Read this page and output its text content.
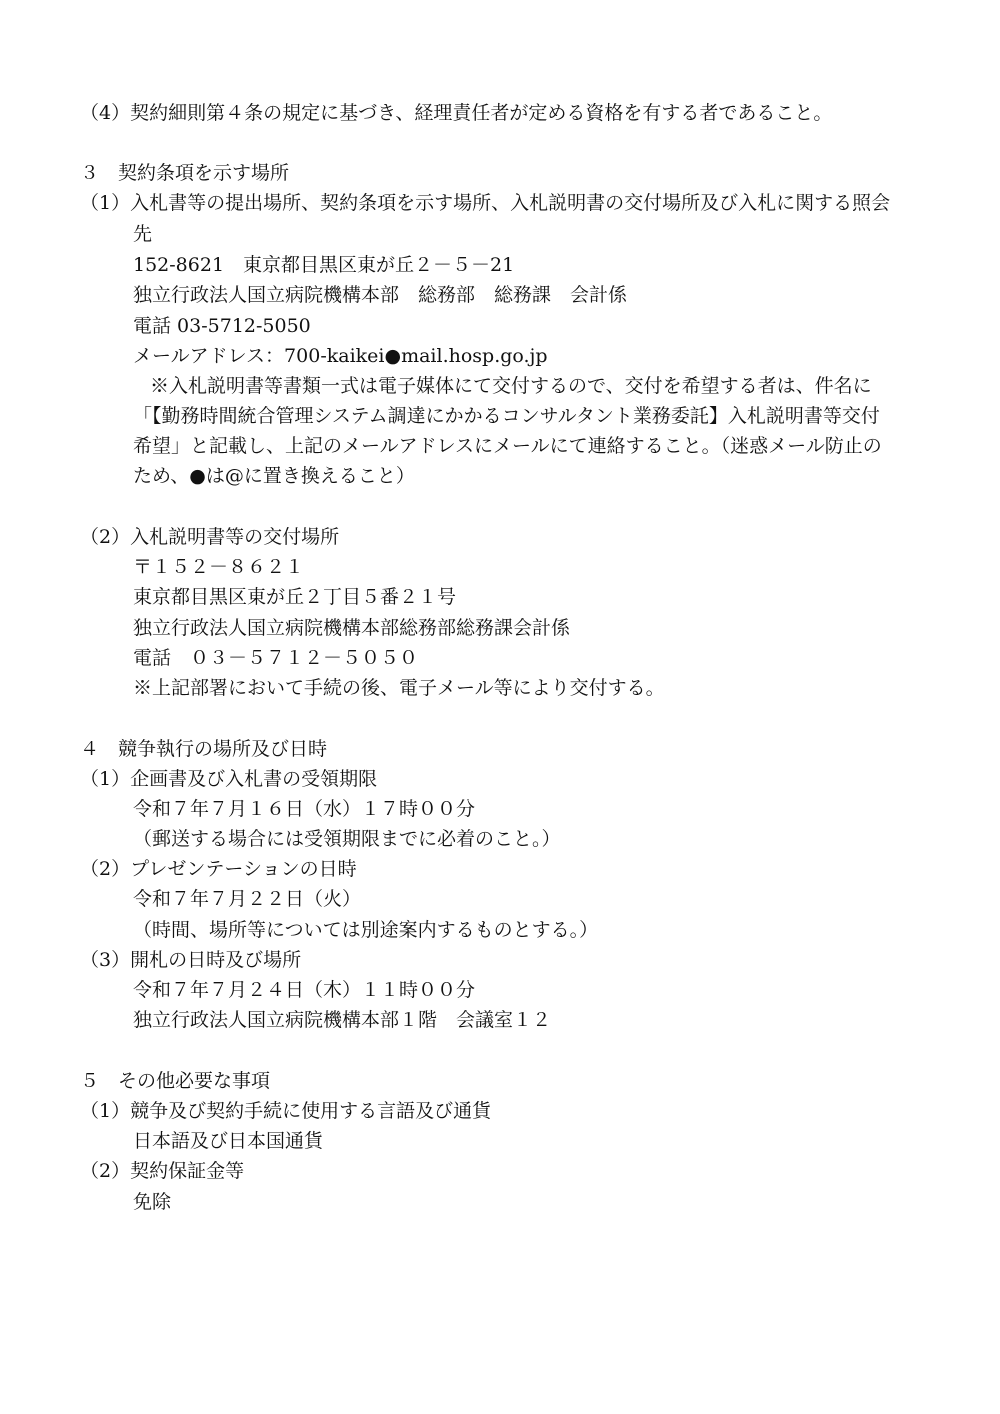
（4）契約細則第４条の規定に基づき、経理責任者が定める資格を有する者であること。
３　契約条項を示す場所
（1）入札書等の提出場所、契約条項を示す場所、入札説明書の交付場所及び入札に関する照会
先
152-8621　東京都目黒区東が丘２－５－21
独立行政法人国立病院機構本部　総務部　総務課　会計係
電話 03-5712-5050
メールアドレス：700-kaikei●mail.hosp.go.jp
※入札説明書等書類一式は電子媒体にて交付するので、交付を希望する者は、件名に
「【勤務時間統合管理システム調達にかかるコンサルタント業務委託】入札説明書等交付
希望」と記載し、上記のメールアドレスにメールにて連絡すること。（迷惑メール防止の
ため、●は@に置き換えること）
（2）入札説明書等の交付場所
〒１５２－８６２１
東京都目黒区東が丘２丁目５番２１号
独立行政法人国立病院機構本部総務部総務課会計係
電話　０３－５７１２－５０５０
※上記部署において手続の後、電子メール等により交付する。
４　競争執行の場所及び日時
（1）企画書及び入札書の受領期限
令和７年７月１６日（水）１７時００分
（郵送する場合には受領期限までに必着のこと。）
（2）プレゼンテーションの日時
令和７年７月２２日（火）
（時間、場所等については別途案内するものとする。）
（3）開札の日時及び場所
令和７年７月２４日（木）１１時００分
独立行政法人国立病院機構本部１階　会議室１２
５　その他必要な事項
（1）競争及び契約手続に使用する言語及び通貨
日本語及び日本国通貨
（2）契約保証金等
免除
